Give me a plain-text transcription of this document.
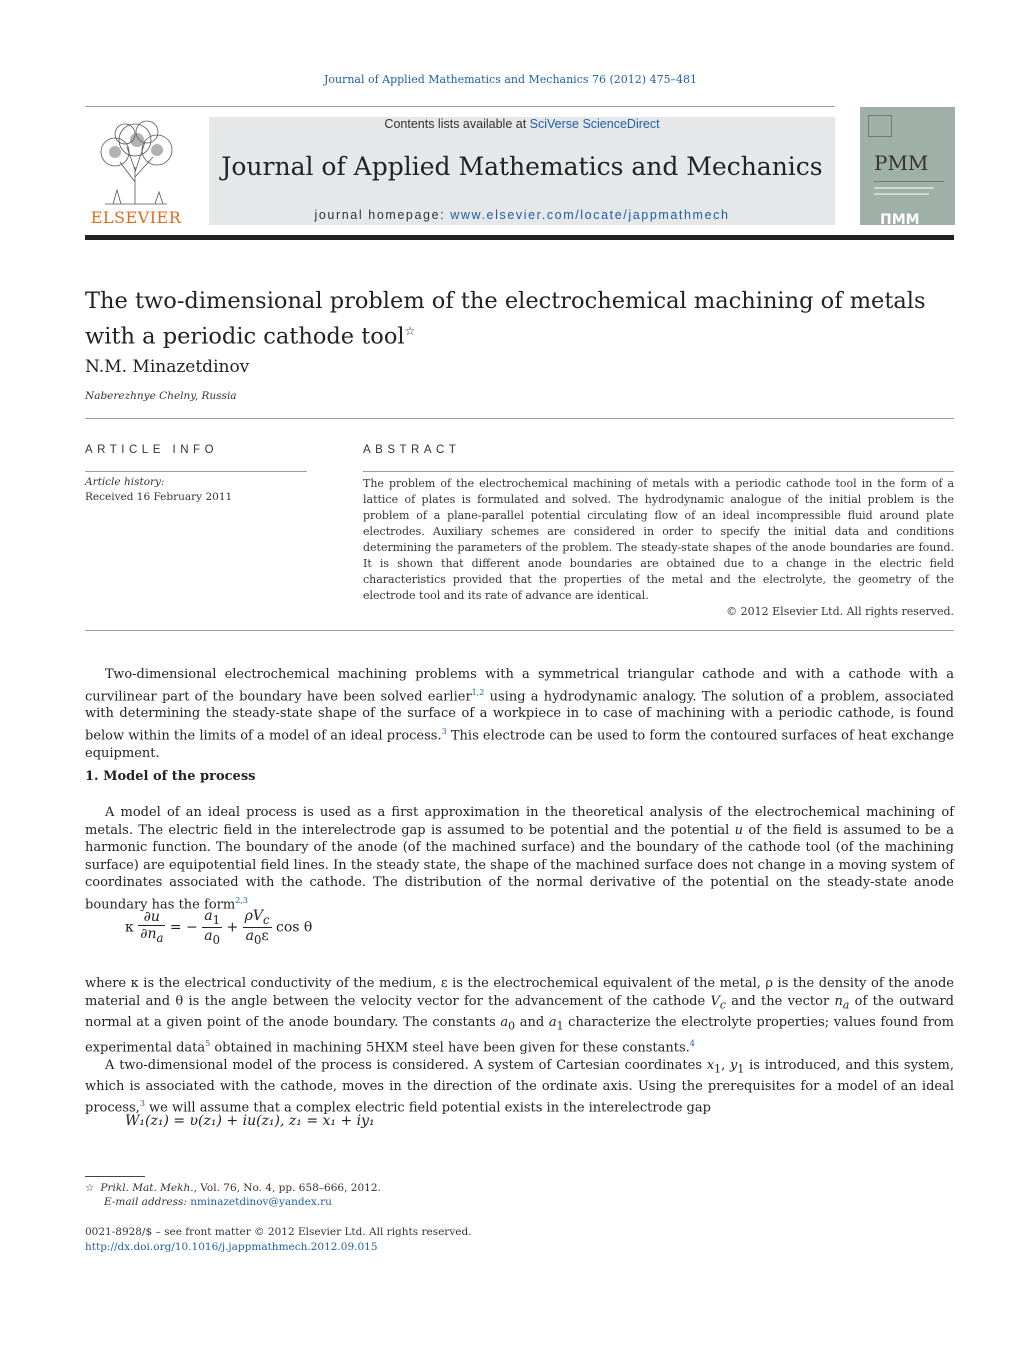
Journal of Applied Mathematics and Mechanics 76 (2012) 475–481
ELSEVIER
Contents lists available at SciVerse ScienceDirect
Journal of Applied Mathematics and Mechanics
journal homepage: www.elsevier.com/locate/jappmathmech
PMM
ПММ
The two-dimensional problem of the electrochemical machining of metals with a periodic cathode tool☆
N.M. Minazetdinov
Naberezhnye Chelny, Russia
ARTICLE INFO	ABSTRACT
Article history:
Received 16 February 2011
The problem of the electrochemical machining of metals with a periodic cathode tool in the form of a lattice of plates is formulated and solved. The hydrodynamic analogue of the initial problem is the problem of a plane-parallel potential circulating flow of an ideal incompressible fluid around plate electrodes. Auxiliary schemes are considered in order to specify the initial data and conditions determining the parameters of the problem. The steady-state shapes of the anode boundaries are found. It is shown that different anode boundaries are obtained due to a change in the electric field characteristics provided that the properties of the metal and the electrolyte, the geometry of the electrode tool and its rate of advance are identical.
© 2012 Elsevier Ltd. All rights reserved.

Two-dimensional electrochemical machining problems with a symmetrical triangular cathode and with a cathode with a curvilinear part of the boundary have been solved earlier$^{1,2}$ using a hydrodynamic analogy. The solution of a problem, associated with determining the steady-state shape of the surface of a workpiece in to case of machining with a periodic cathode, is found below within the limits of a model of an ideal process.$^3$ This electrode can be used to form the contoured surfaces of heat exchange equipment.

1. Model of the process

A model of an ideal process is used as a first approximation in the theoretical analysis of the electrochemical machining of metals. The electric field in the interelectrode gap is assumed to be potential and the potential u of the field is assumed to be a harmonic function. The boundary of the anode (of the machined surface) and the boundary of the cathode tool (of the machining surface) are equipotential field lines. In the steady state, the shape of the machined surface does not change in a moving system of coordinates associated with the cathode. The distribution of the normal derivative of the potential on the steady-state anode boundary has the form$^{2,3}$

κ $\frac{\partial u}{\partial n_a}$ = − $\frac{a_1}{a_0} + \frac{\rho V_c}{a_0\varepsilon}$ cos θ

where κ is the electrical conductivity of the medium, ε is the electrochemical equivalent of the metal, ρ is the density of the anode material and θ is the angle between the velocity vector for the advancement of the cathode $V_c$ and the vector $n_a$ of the outward normal at a given point of the anode boundary. The constants $a_0$ and $a_1$ characterize the electrolyte properties; values found from experimental data$^5$ obtained in machining 5HXM steel have been given for these constants.$^4$

A two-dimensional model of the process is considered. A system of Cartesian coordinates $x_1$, $y_1$ is introduced, and this system, which is associated with the cathode, moves in the direction of the ordinate axis. Using the prerequisites for a model of an ideal process,$^3$ we will assume that a complex electric field potential exists in the interelectrode gap

W₁(z₁) = υ(z₁) + iu(z₁), z₁ = x₁ + iy₁
☆ Prikl. Mat. Mekh., Vol. 76, No. 4, pp. 658–666, 2012.
E-mail address: nminazetdinov@yandex.ru
0021-8928/$ – see front matter © 2012 Elsevier Ltd. All rights reserved.
http://dx.doi.org/10.1016/j.jappmathmech.2012.09.015
